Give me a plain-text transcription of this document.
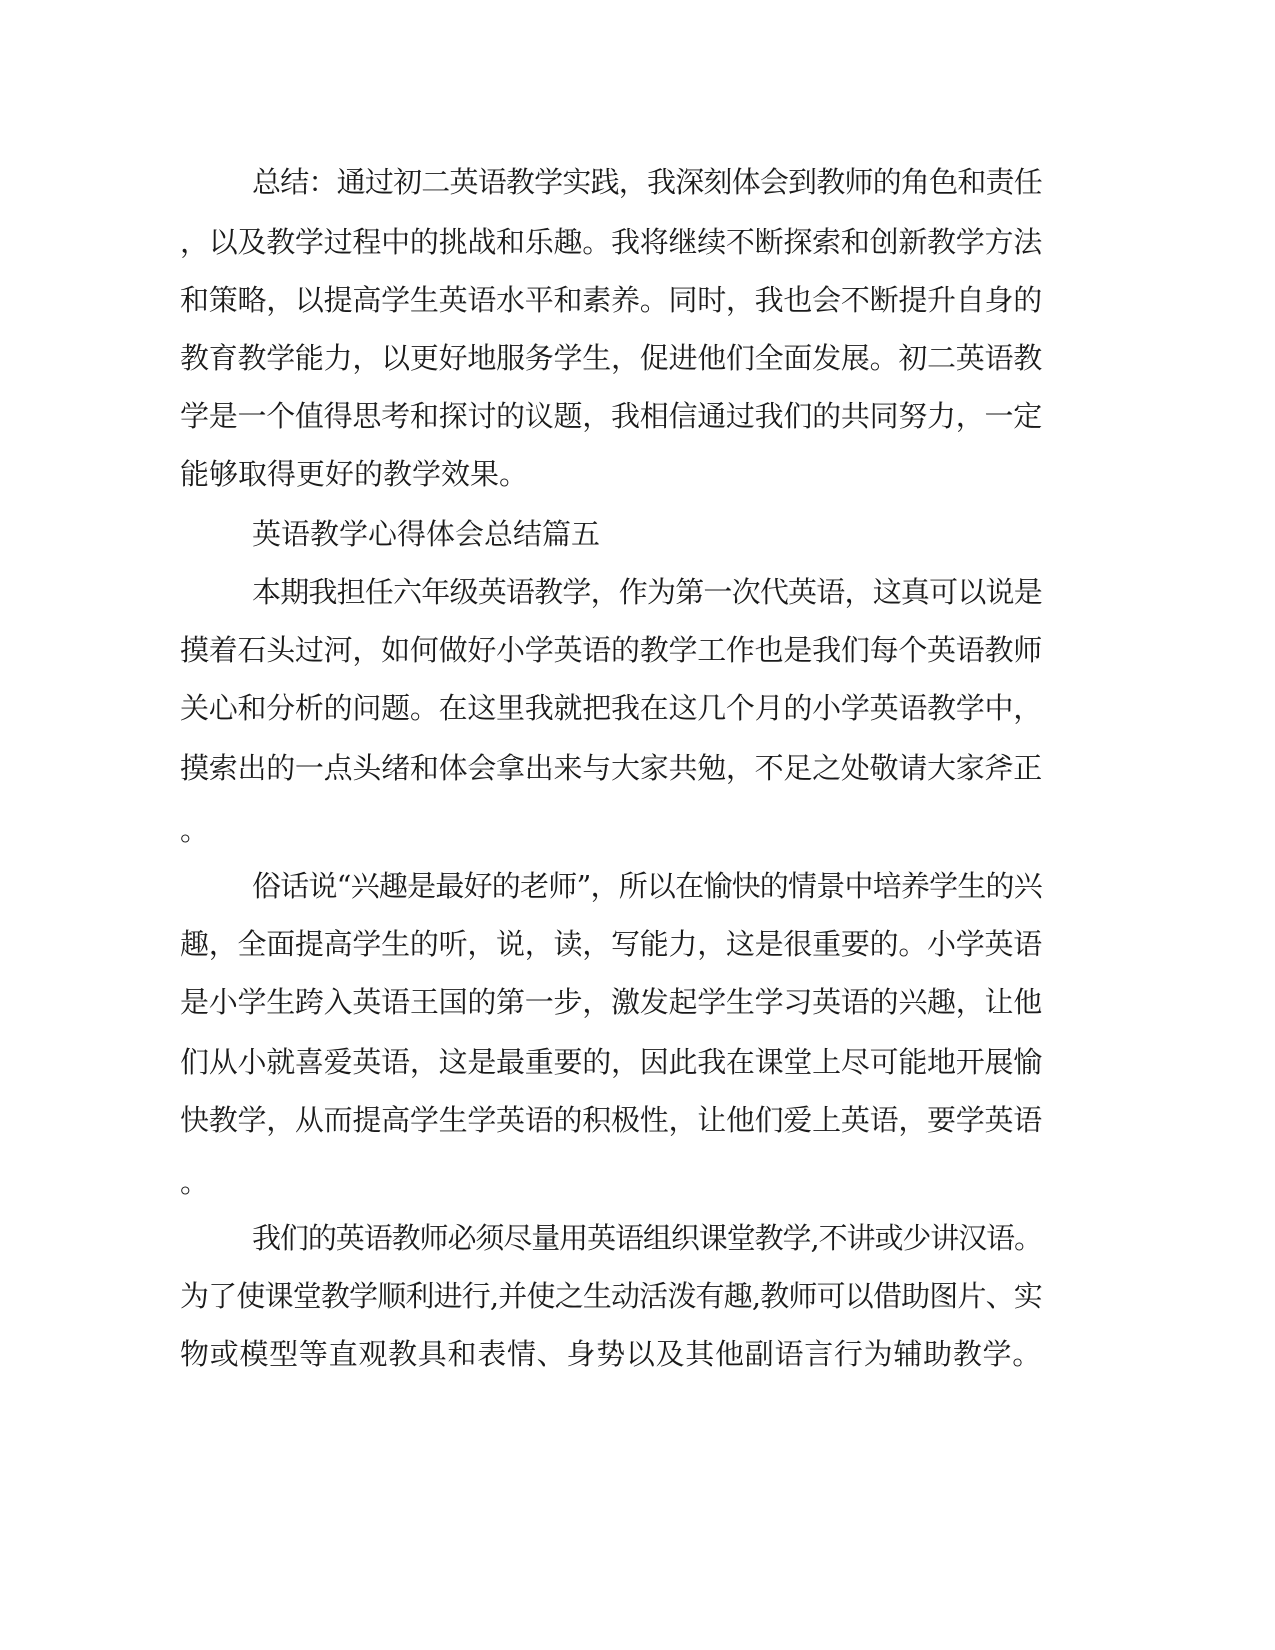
总结：通过初二英语教学实践，我深刻体会到教师的角色和责任

，以及教学过程中的挑战和乐趣。我将继续不断探索和创新教学方法

和策略，以提高学生英语水平和素养。同时，我也会不断提升自身的

教育教学能力，以更好地服务学生，促进他们全面发展。初二英语教

学是一个值得思考和探讨的议题，我相信通过我们的共同努力，一定

能够取得更好的教学效果。

英语教学心得体会总结篇五

本期我担任六年级英语教学，作为第一次代英语，这真可以说是

摸着石头过河，如何做好小学英语的教学工作也是我们每个英语教师

关心和分析的问题。在这里我就把我在这几个月的小学英语教学中，

摸索出的一点头绪和体会拿出来与大家共勉，不足之处敬请大家斧正

。

俗话说“兴趣是最好的老师”，所以在愉快的情景中培养学生的兴

趣，全面提高学生的听，说，读，写能力，这是很重要的。小学英语

是小学生跨入英语王国的第一步，激发起学生学习英语的兴趣，让他

们从小就喜爱英语，这是最重要的，因此我在课堂上尽可能地开展愉

快教学，从而提高学生学英语的积极性，让他们爱上英语，要学英语

。

我们的英语教师必须尽量用英语组织课堂教学,不讲或少讲汉语。

为了使课堂教学顺利进行,并使之生动活泼有趣,教师可以借助图片、实

物或模型等直观教具和表情、身势以及其他副语言行为辅助教学。
